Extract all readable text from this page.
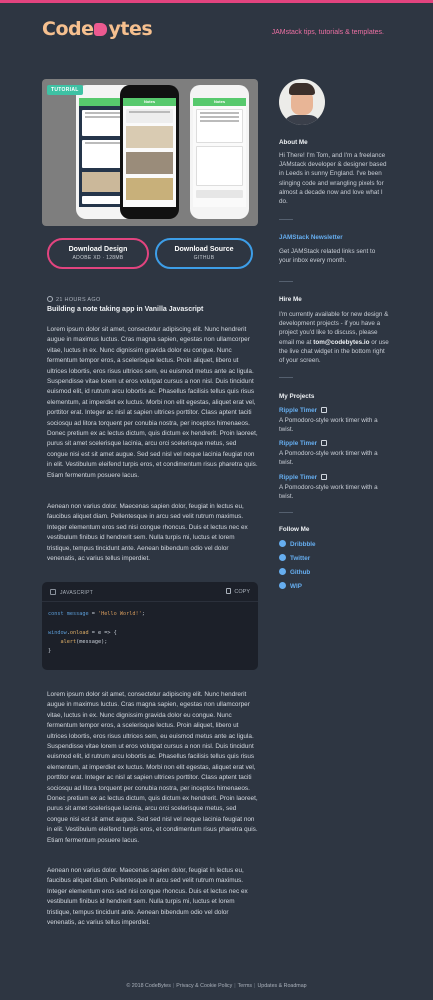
Code ytes	JAMstack tips, tutorials & templates.
Notes	Notes
TUTORIAL
Download Design
ADOBE XD · 128MB
Download Source
GITHUB
21 HOURS AGO
Building a note taking app in Vanilla Javascript

Lorem ipsum dolor sit amet, consectetur adipiscing elit. Nunc hendrerit augue in maximus luctus. Cras magna sapien, egestas non ullamcorper vitae, luctus in ex. Nunc dignissim gravida dolor eu congue. Nunc fermentum tempor eros, a scelerisque lectus. Proin aliquet, libero ut ultrices lobortis, eros risus ultrices sem, eu euismod metus ante ac ligula. Suspendisse vitae lorem ut eros volutpat cursus a non nisl. Duis tincidunt euismod elit, id rutrum arcu lobortis ac. Phasellus facilisis tellus quis risus elementum, at imperdiet ex luctus. Morbi non elit egestas, aliquet erat vel, porttitor erat. Integer ac nisl at sapien ultrices porttitor. Class aptent taciti sociosqu ad litora torquent per conubia nostra, per inceptos himenaeos. Donec pretium ex ac lectus dictum, quis dictum ex hendrerit. Proin laoreet, purus sit amet scelerisque lacinia, arcu orci scelerisque metus, sed congue nisi est sit amet augue. Sed sed nisl vel neque lacinia feugiat non in elit. Vestibulum eleifend turpis eros, et condimentum risus pharetra quis. Etiam fermentum posuere lacus.

Aenean non varius dolor. Maecenas sapien dolor, feugiat in lectus eu, faucibus aliquet diam. Pellentesque in arcu sed velit rutrum maximus. Integer elementum eros sed nisi congue rhoncus. Duis et lectus nec ex vestibulum finibus id hendrerit sem. Nulla turpis mi, luctus et lorem tristique, tempus tincidunt ante. Aenean bibendum odio vel dolor venenatis, ac varius tellus imperdiet.

JAVASCRIPT	COPY
const message = 'Hello World!';

window.onload = e => {
alert(message);
}

Lorem ipsum dolor sit amet, consectetur adipiscing elit. Nunc hendrerit augue in maximus luctus. Cras magna sapien, egestas non ullamcorper vitae, luctus in ex. Nunc dignissim gravida dolor eu congue. Nunc fermentum tempor eros, a scelerisque lectus. Proin aliquet, libero ut ultrices lobortis, eros risus ultrices sem, eu euismod metus ante ac ligula. Suspendisse vitae lorem ut eros volutpat cursus a non nisl. Duis tincidunt euismod elit, id rutrum arcu lobortis ac. Phasellus facilisis tellus quis risus elementum, at imperdiet ex luctus. Morbi non elit egestas, aliquet erat vel, porttitor erat. Integer ac nisl at sapien ultrices porttitor. Class aptent taciti sociosqu ad litora torquent per conubia nostra, per inceptos himenaeos. Donec pretium ex ac lectus dictum, quis dictum ex hendrerit. Proin laoreet, purus sit amet scelerisque lacinia, arcu orci scelerisque metus, sed congue nisi est sit amet augue. Sed sed nisl vel neque lacinia feugiat non in elit. Vestibulum eleifend turpis eros, et condimentum risus pharetra quis. Etiam fermentum posuere lacus.

Aenean non varius dolor. Maecenas sapien dolor, feugiat in lectus eu, faucibus aliquet diam. Pellentesque in arcu sed velit rutrum maximus. Integer elementum eros sed nisi congue rhoncus. Duis et lectus nec ex vestibulum finibus id hendrerit sem. Nulla turpis mi, luctus et lorem tristique, tempus tincidunt ante. Aenean bibendum odio vel dolor venenatis, ac varius tellus imperdiet.

About Me

Hi There! I'm Tom, and I'm a freelance JAMstack developer & designer based in Leeds in sunny England. I've been slinging code and wrangling pixels for almost a decade now and love what I do.

JAMStack Newsletter

Get JAMStack related links sent to your inbox every month.

Hire Me

I'm currently available for new design & development projects - if you have a project you'd like to discuss, please email me at tom@codebytes.io or use the live chat widget in the bottom right of your screen.

My Projects
Ripple Timer

A Pomodoro-style work timer with a twist.

Ripple Timer

A Pomodoro-style work timer with a twist.

Ripple Timer

A Pomodoro-style work timer with a twist.

Follow Me
Dribbble
Twitter
Github
WIP
© 2018 CodeBytes | Privacy & Cookie Policy | Terms | Updates & Roadmap
